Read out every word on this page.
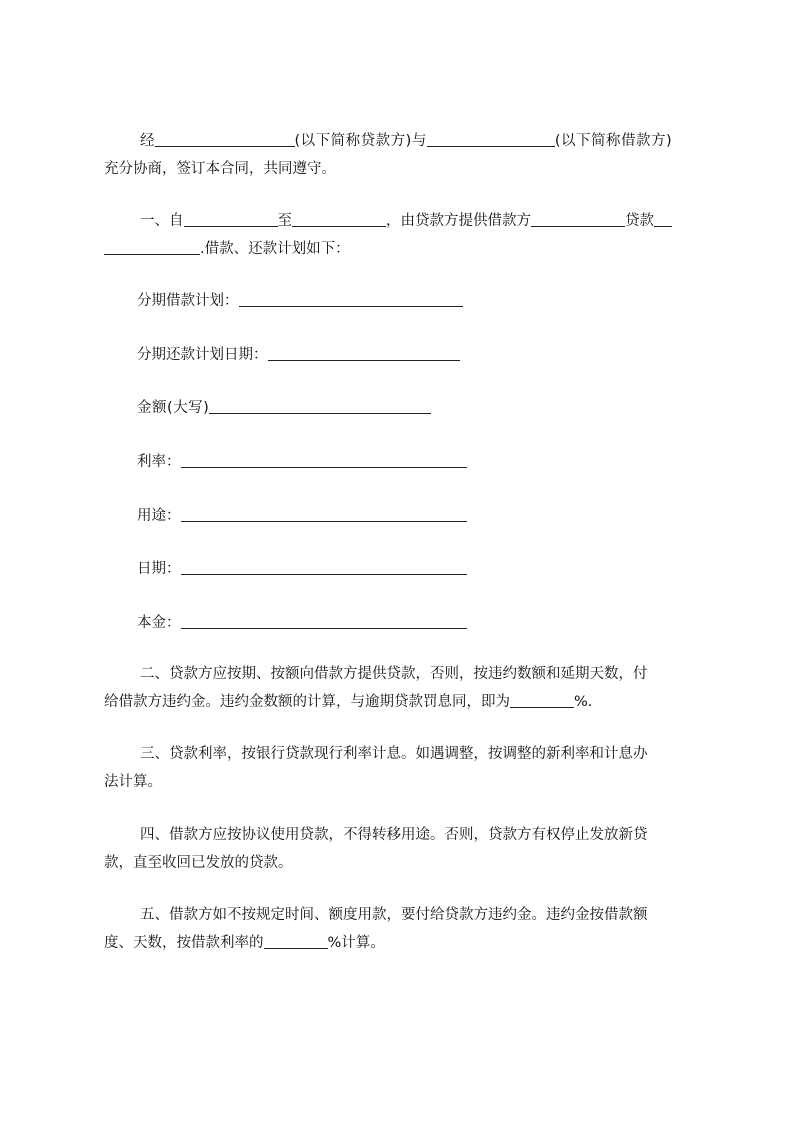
经	(以下简称贷款方)与	(以下简称借款方)
充分协商，签订本合同，共同遵守。
一、自	至	，由贷款方提供借款方	贷款
.借款、还款计划如下：
分期借款计划：
分期还款计划日期：
金额(大写)
利率：
用途：
日期：
本金：
二、贷款方应按期、按额向借款方提供贷款，否则，按违约数额和延期天数，付
给借款方违约金。违约金数额的计算，与逾期贷款罚息同，即为	%.
三、贷款利率，按银行贷款现行利率计息。如遇调整，按调整的新利率和计息办
法计算。
四、借款方应按协议使用贷款，不得转移用途。否则，贷款方有权停止发放新贷
款，直至收回已发放的贷款。
五、借款方如不按规定时间、额度用款，要付给贷款方违约金。违约金按借款额
度、天数，按借款利率的	%计算。
